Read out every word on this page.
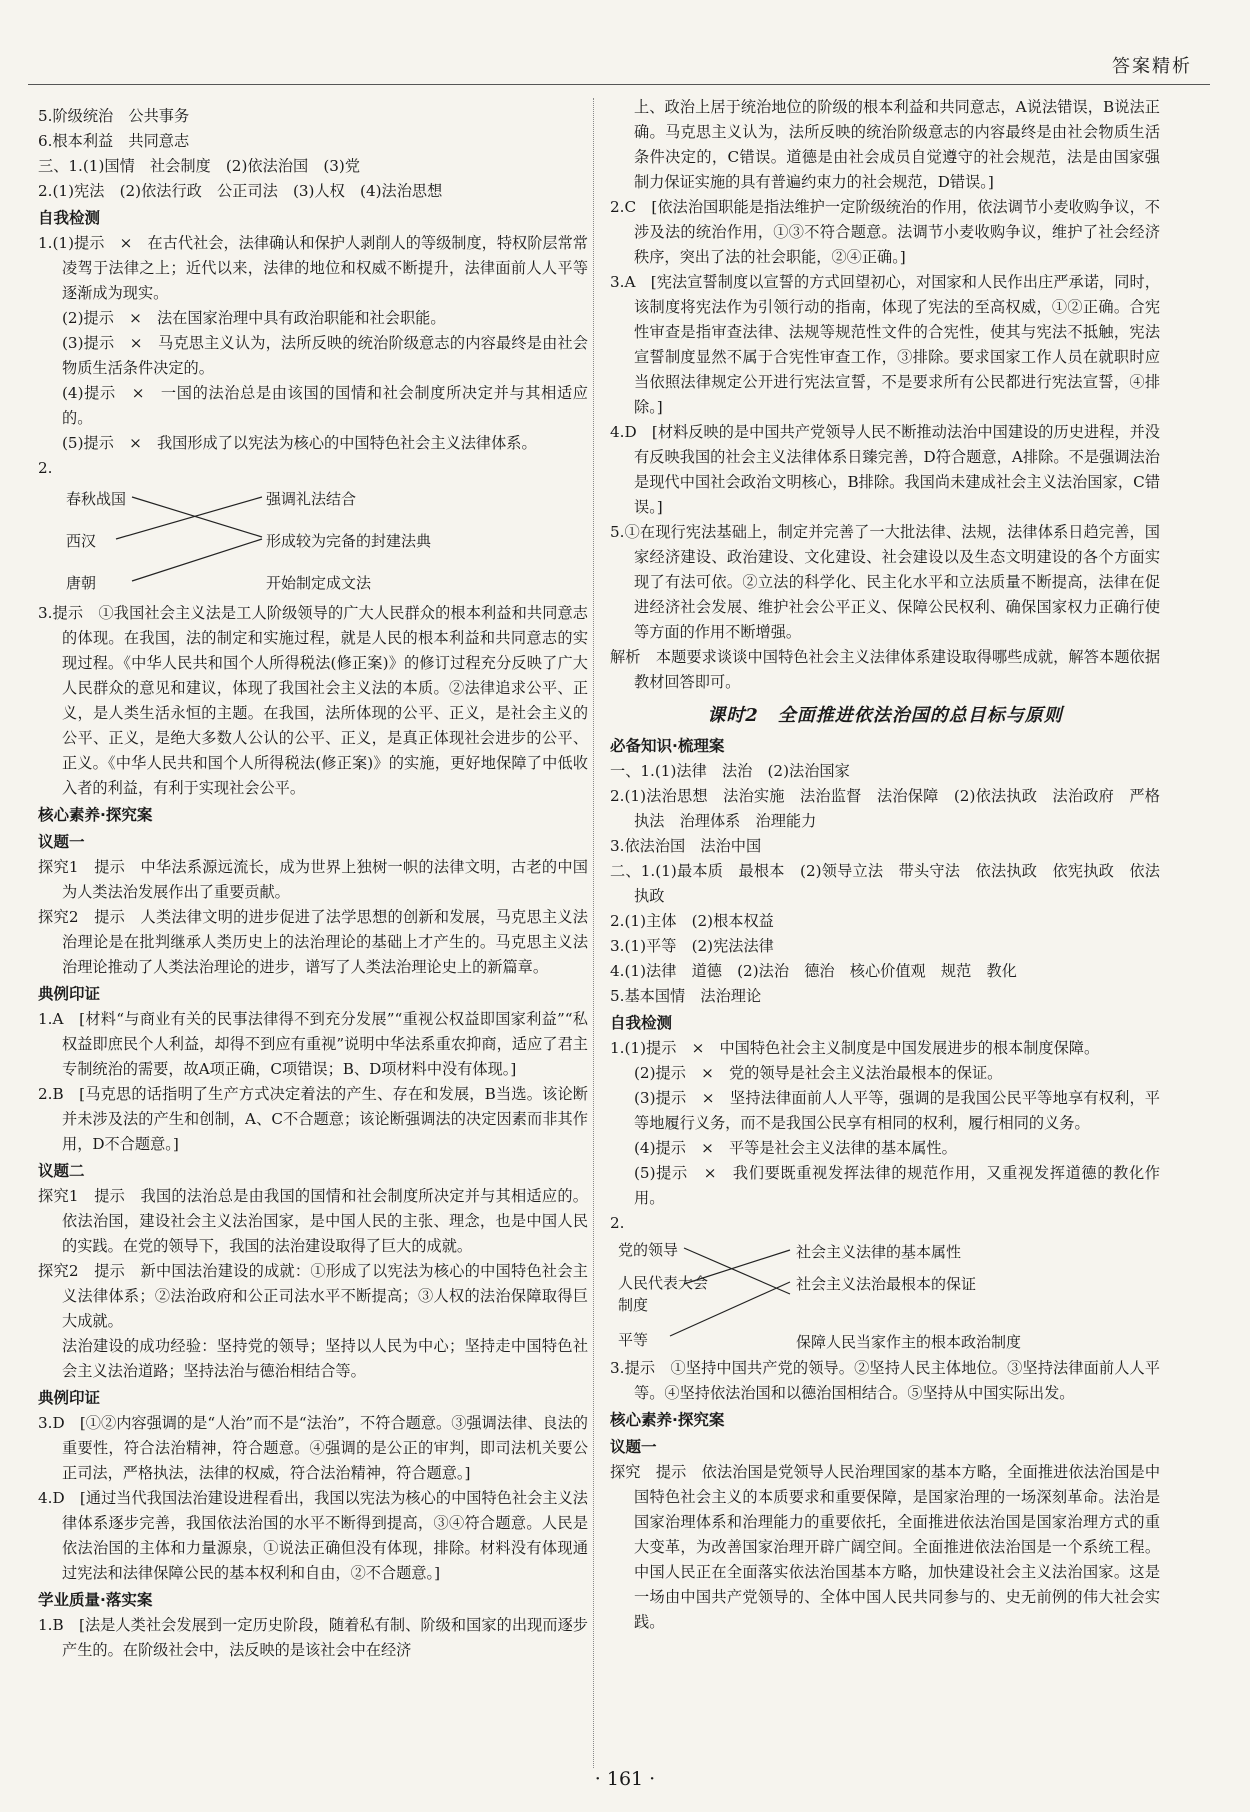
答案精析

5.阶级统治　公共事务

6.根本利益　共同意志

三、1.(1)国情　社会制度　(2)依法治国　(3)党

2.(1)宪法　(2)依法行政　公正司法　(3)人权　(4)法治思想

自我检测

1.(1)提示　×　在古代社会，法律确认和保护人剥削人的等级制度，特权阶层常常凌驾于法律之上；近代以来，法律的地位和权威不断提升，法律面前人人平等逐渐成为现实。

(2)提示　×　法在国家治理中具有政治职能和社会职能。

(3)提示　×　马克思主义认为，法所反映的统治阶级意志的内容最终是由社会物质生活条件决定的。

(4)提示　×　一国的法治总是由该国的国情和社会制度所决定并与其相适应的。

(5)提示　×　我国形成了以宪法为核心的中国特色社会主义法律体系。

2.

春秋战国
西汉
唐朝
强调礼法结合
形成较为完备的封建法典
开始制定成文法

3.提示　①我国社会主义法是工人阶级领导的广大人民群众的根本利益和共同意志的体现。在我国，法的制定和实施过程，就是人民的根本利益和共同意志的实现过程。《中华人民共和国个人所得税法(修正案)》的修订过程充分反映了广大人民群众的意见和建议，体现了我国社会主义法的本质。②法律追求公平、正义，是人类生活永恒的主题。在我国，法所体现的公平、正义，是社会主义的公平、正义，是绝大多数人公认的公平、正义，是真正体现社会进步的公平、正义。《中华人民共和国个人所得税法(修正案)》的实施，更好地保障了中低收入者的利益，有利于实现社会公平。

核心素养·探究案

议题一

探究1　提示　中华法系源远流长，成为世界上独树一帜的法律文明，古老的中国为人类法治发展作出了重要贡献。

探究2　提示　人类法律文明的进步促进了法学思想的创新和发展，马克思主义法治理论是在批判继承人类历史上的法治理论的基础上才产生的。马克思主义法治理论推动了人类法治理论的进步，谱写了人类法治理论史上的新篇章。

典例印证

1.A　[材料“与商业有关的民事法律得不到充分发展”“重视公权益即国家利益”“私权益即庶民个人利益，却得不到应有重视”说明中华法系重农抑商，适应了君主专制统治的需要，故A项正确，C项错误；B、D项材料中没有体现。]

2.B　[马克思的话指明了生产方式决定着法的产生、存在和发展，B当选。该论断并未涉及法的产生和创制，A、C不合题意；该论断强调法的决定因素而非其作用，D不合题意。]

议题二

探究1　提示　我国的法治总是由我国的国情和社会制度所决定并与其相适应的。依法治国，建设社会主义法治国家，是中国人民的主张、理念，也是中国人民的实践。在党的领导下，我国的法治建设取得了巨大的成就。

探究2　提示　新中国法治建设的成就：①形成了以宪法为核心的中国特色社会主义法律体系；②法治政府和公正司法水平不断提高；③人权的法治保障取得巨大成就。

法治建设的成功经验：坚持党的领导；坚持以人民为中心；坚持走中国特色社会主义法治道路；坚持法治与德治相结合等。

典例印证

3.D　[①②内容强调的是“人治”而不是“法治”，不符合题意。③强调法律、良法的重要性，符合法治精神，符合题意。④强调的是公正的审判，即司法机关要公正司法，严格执法，法律的权威，符合法治精神，符合题意。]

4.D　[通过当代我国法治建设进程看出，我国以宪法为核心的中国特色社会主义法律体系逐步完善，我国依法治国的水平不断得到提高，③④符合题意。人民是依法治国的主体和力量源泉，①说法正确但没有体现，排除。材料没有体现通过宪法和法律保障公民的基本权利和自由，②不合题意。]

学业质量·落实案

1.B　[法是人类社会发展到一定历史阶段，随着私有制、阶级和国家的出现而逐步产生的。在阶级社会中，法反映的是该社会中在经济

上、政治上居于统治地位的阶级的根本利益和共同意志，A说法错误，B说法正确。马克思主义认为，法所反映的统治阶级意志的内容最终是由社会物质生活条件决定的，C错误。道德是由社会成员自觉遵守的社会规范，法是由国家强制力保证实施的具有普遍约束力的社会规范，D错误。]

2.C　[依法治国职能是指法维护一定阶级统治的作用，依法调节小麦收购争议，不涉及法的统治作用，①③不符合题意。法调节小麦收购争议，维护了社会经济秩序，突出了法的社会职能，②④正确。]

3.A　[宪法宣誓制度以宣誓的方式回望初心，对国家和人民作出庄严承诺，同时，该制度将宪法作为引领行动的指南，体现了宪法的至高权威，①②正确。合宪性审查是指审查法律、法规等规范性文件的合宪性，使其与宪法不抵触，宪法宣誓制度显然不属于合宪性审查工作，③排除。要求国家工作人员在就职时应当依照法律规定公开进行宪法宣誓，不是要求所有公民都进行宪法宣誓，④排除。]

4.D　[材料反映的是中国共产党领导人民不断推动法治中国建设的历史进程，并没有反映我国的社会主义法律体系日臻完善，D符合题意，A排除。不是强调法治是现代中国社会政治文明核心，B排除。我国尚未建成社会主义法治国家，C错误。]

5.①在现行宪法基础上，制定并完善了一大批法律、法规，法律体系日趋完善，国家经济建设、政治建设、文化建设、社会建设以及生态文明建设的各个方面实现了有法可依。②立法的科学化、民主化水平和立法质量不断提高，法律在促进经济社会发展、维护社会公平正义、保障公民权利、确保国家权力正确行使等方面的作用不断增强。

解析　本题要求谈谈中国特色社会主义法律体系建设取得哪些成就，解答本题依据教材回答即可。

课时2　全面推进依法治国的总目标与原则

必备知识·梳理案

一、1.(1)法律　法治　(2)法治国家

2.(1)法治思想　法治实施　法治监督　法治保障　(2)依法执政　法治政府　严格执法　治理体系　治理能力

3.依法治国　法治中国

二、1.(1)最本质　最根本　(2)领导立法　带头守法　依法执政　依宪执政　依法执政

2.(1)主体　(2)根本权益

3.(1)平等　(2)宪法法律

4.(1)法律　道德　(2)法治　德治　核心价值观　规范　教化

5.基本国情　法治理论

自我检测

1.(1)提示　×　中国特色社会主义制度是中国发展进步的根本制度保障。

(2)提示　×　党的领导是社会主义法治最根本的保证。

(3)提示　×　坚持法律面前人人平等，强调的是我国公民平等地享有权利，平等地履行义务，而不是我国公民享有相同的权利，履行相同的义务。

(4)提示　×　平等是社会主义法律的基本属性。

(5)提示　×　我们要既重视发挥法律的规范作用，又重视发挥道德的教化作用。

2.

党的领导
人民代表大会制度
平等
社会主义法律的基本属性
社会主义法治最根本的保证
保障人民当家作主的根本政治制度

3.提示　①坚持中国共产党的领导。②坚持人民主体地位。③坚持法律面前人人平等。④坚持依法治国和以德治国相结合。⑤坚持从中国实际出发。

核心素养·探究案

议题一

探究　提示　依法治国是党领导人民治理国家的基本方略，全面推进依法治国是中国特色社会主义的本质要求和重要保障，是国家治理的一场深刻革命。法治是国家治理体系和治理能力的重要依托，全面推进依法治国是国家治理方式的重大变革，为改善国家治理开辟广阔空间。全面推进依法治国是一个系统工程。中国人民正在全面落实依法治国基本方略，加快建设社会主义法治国家。这是一场由中国共产党领导的、全体中国人民共同参与的、史无前例的伟大社会实践。

· 161 ·
